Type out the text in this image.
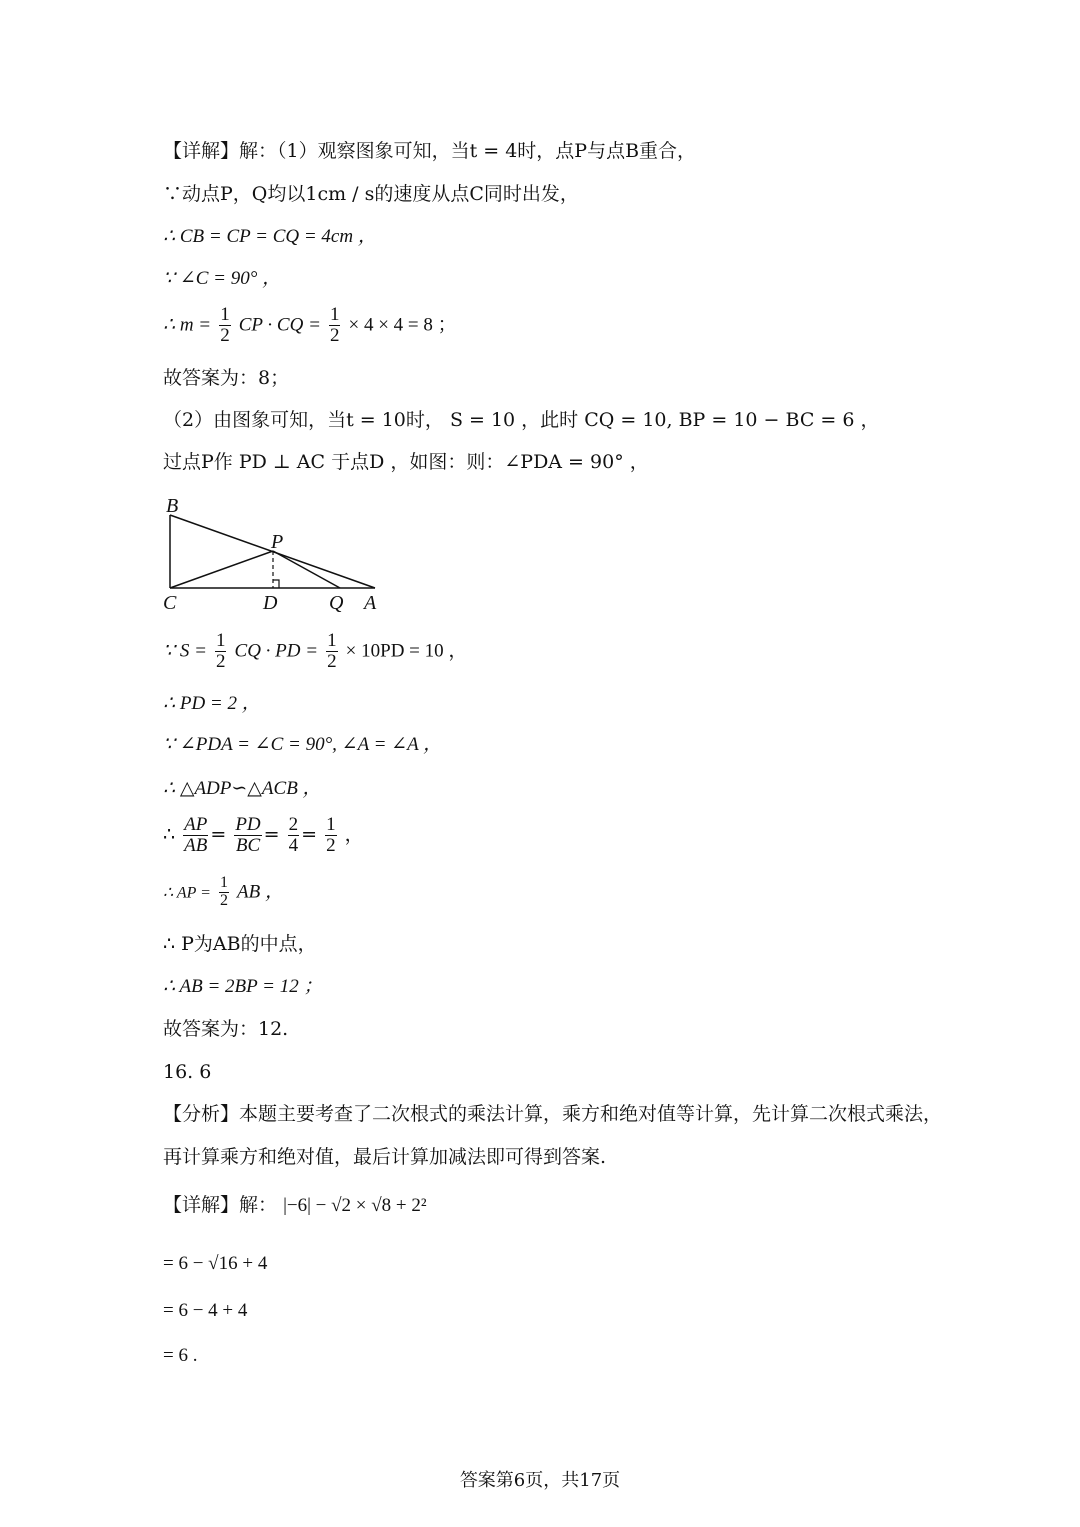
【详解】解：（1）观察图象可知，当t = 4时，点P与点B重合，
∵动点P，Q均以1cm / s的速度从点C同时出发，
∴ CB = CP = CQ = 4cm ，
∵ ∠C = 90° ，
∴ $m = \frac{1}{2}$ CP · CQ = $\frac{1}{2} \times 4 \times 4 = 8$ ；
故答案为：8；
（2）由图象可知，当t = 10时， S = 10 ，此时 CQ = 10, BP = 10 − BC = 6 ，
过点P作 PD ⊥ AC 于点D ，如图：则：∠PDA = 90° ，
B
P
C	D	Q A
∵ $S = \frac{1}{2}$ CQ · PD = $\frac{1}{2} \times 10PD = 10$ ，
∴ PD = 2 ，
∵ ∠PDA = ∠C = 90°, ∠A = ∠A ，
∴ △ADP∽△ACB ，
∴ $\frac{AP}{AB} = \frac{PD}{BC} = \frac{2}{4} = \frac{1}{2}$ ，
∴ AP = $\frac{1}{2}$ AB ，
∴ P为AB的中点，
∴ AB = 2BP = 12 ；
故答案为：12.
16. 6
【分析】本题主要考查了二次根式的乘法计算，乘方和绝对值等计算，先计算二次根式乘法，
再计算乘方和绝对值，最后计算加减法即可得到答案.
【详解】解： |−6| − √2 × √8 + 2²
= 6 − √16 + 4
= 6 − 4 + 4
= 6 .
答案第6页，共17页
